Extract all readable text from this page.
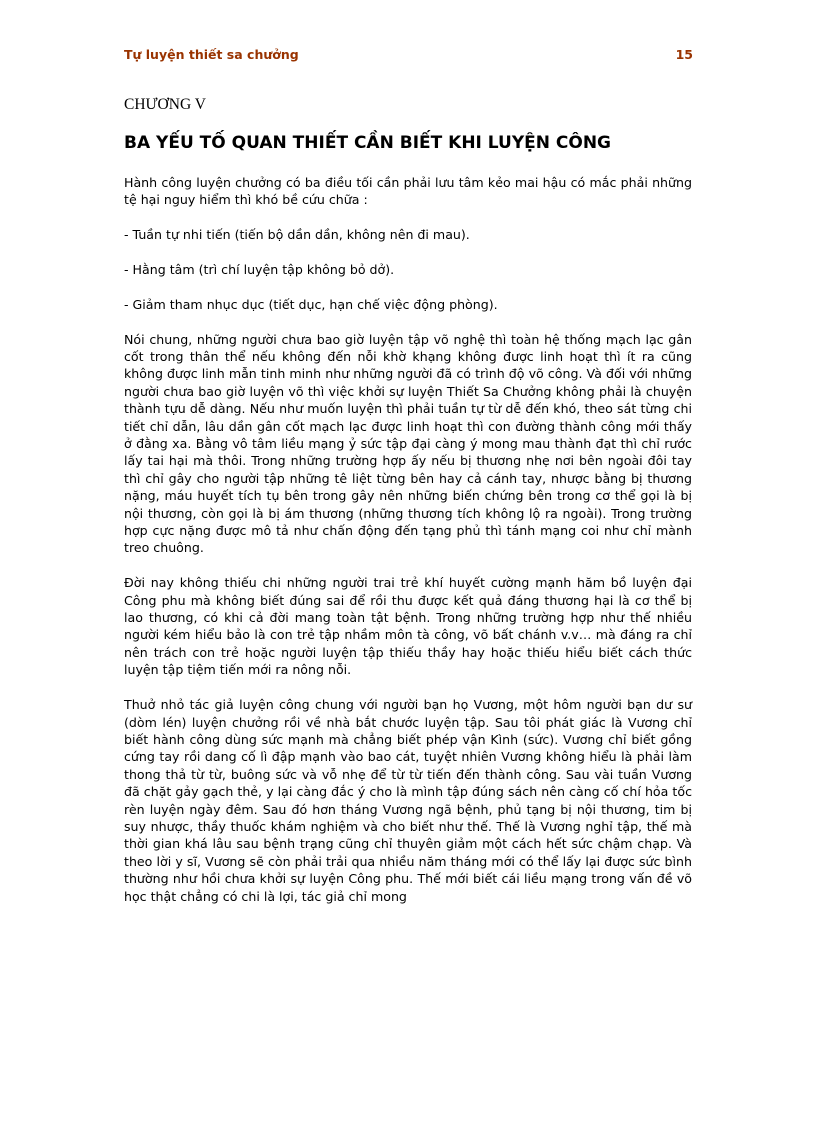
Tự luyện thiết sa chưởng	15
CHƯƠNG V
BA YẾU TỐ QUAN THIẾT CẦN BIẾT KHI LUYỆN CÔNG

Hành công luyện chưởng có ba điều tối cần phải lưu tâm kẻo mai hậu có mắc phải những tệ hại nguy hiểm thì khó bề cứu chữa :

- Tuần tự nhi tiến (tiến bộ dần dần, không nên đi mau).

- Hằng tâm (trì chí luyện tập không bỏ dở).

- Giảm tham nhục dục (tiết dục, hạn chế việc động phòng).

Nói chung, những người chưa bao giờ luyện tập võ nghệ thì toàn hệ thống mạch lạc gân cốt trong thân thể nếu không đến nỗi khờ khạng không được linh hoạt thì ít ra cũng không được linh mẫn tinh minh như những người đã có trình độ võ công. Và đối với những người chưa bao giờ luyện võ thì việc khởi sự luyện Thiết Sa Chưởng không phải là chuyện thành tựu dễ dàng. Nếu như muốn luyện thì phải tuần tự từ dễ đến khó, theo sát từng chi tiết chỉ dẫn, lâu dần gân cốt mạch lạc được linh hoạt thì con đường thành công mới thấy ở đằng xa. Bằng vô tâm liều mạng ỷ sức tập đại càng ý mong mau thành đạt thì chỉ rước lấy tai hại mà thôi. Trong những trường hợp ấy nếu bị thương nhẹ nơi bên ngoài đôi tay thì chỉ gây cho người tập những tê liệt từng bên hay cả cánh tay, nhược bằng bị thương nặng, máu huyết tích tụ bên trong gây nên những biến chứng bên trong cơ thể gọi là bị nội thương, còn gọi là bị ám thương (những thương tích không lộ ra ngoài). Trong trường hợp cực nặng được mô tả như chấn động đến tạng phủ thì tánh mạng coi như chỉ mành treo chuông.

Đời nay không thiếu chi những người trai trẻ khí huyết cường mạnh hăm bồ luyện đại Công phu mà không biết đúng sai để rồi thu được kết quả đáng thương hại là cơ thể bị lao thương, có khi cả đời mang toàn tật bệnh. Trong những trường hợp như thế nhiều người kém hiểu bảo là con trẻ tập nhầm môn tà công, võ bất chánh v.v… mà đáng ra chỉ nên trách con trẻ hoặc người luyện tập thiếu thầy hay hoặc thiếu hiểu biết cách thức luyện tập tiệm tiến mới ra nông nỗi.

Thuở nhỏ tác giả luyện công chung với người bạn họ Vương, một hôm người bạn dư sư (dòm lén) luyện chưởng rồi về nhà bắt chước luyện tập. Sau tôi phát giác là Vương chỉ biết hành công dùng sức mạnh mà chẳng biết phép vận Kình (sức). Vương chỉ biết gồng cứng tay rồi dang cố lì đập mạnh vào bao cát, tuyệt nhiên Vương không hiểu là phải làm thong thả từ từ, buông sức và vỗ nhẹ để từ từ tiến đến thành công. Sau vài tuần Vương đã chặt gảy gạch thẻ, y lại càng đắc ý cho là mình tập đúng sách nên càng cố chí hỏa tốc rèn luyện ngày đêm. Sau đó hơn tháng Vương ngã bệnh, phủ tạng bị nội thương, tim bị suy nhược, thầy thuốc khám nghiệm và cho biết như thế. Thế là Vương nghỉ tập, thế mà thời gian khá lâu sau bệnh trạng cũng chỉ thuyên giảm một cách hết sức chậm chạp. Và theo lời y sĩ, Vương sẽ còn phải trải qua nhiều năm tháng mới có thể lấy lại được sức bình thường như hồi chưa khởi sự luyện Công phu. Thế mới biết cái liều mạng trong vấn đề võ học thật chẳng có chi là lợi, tác giả chỉ mong
